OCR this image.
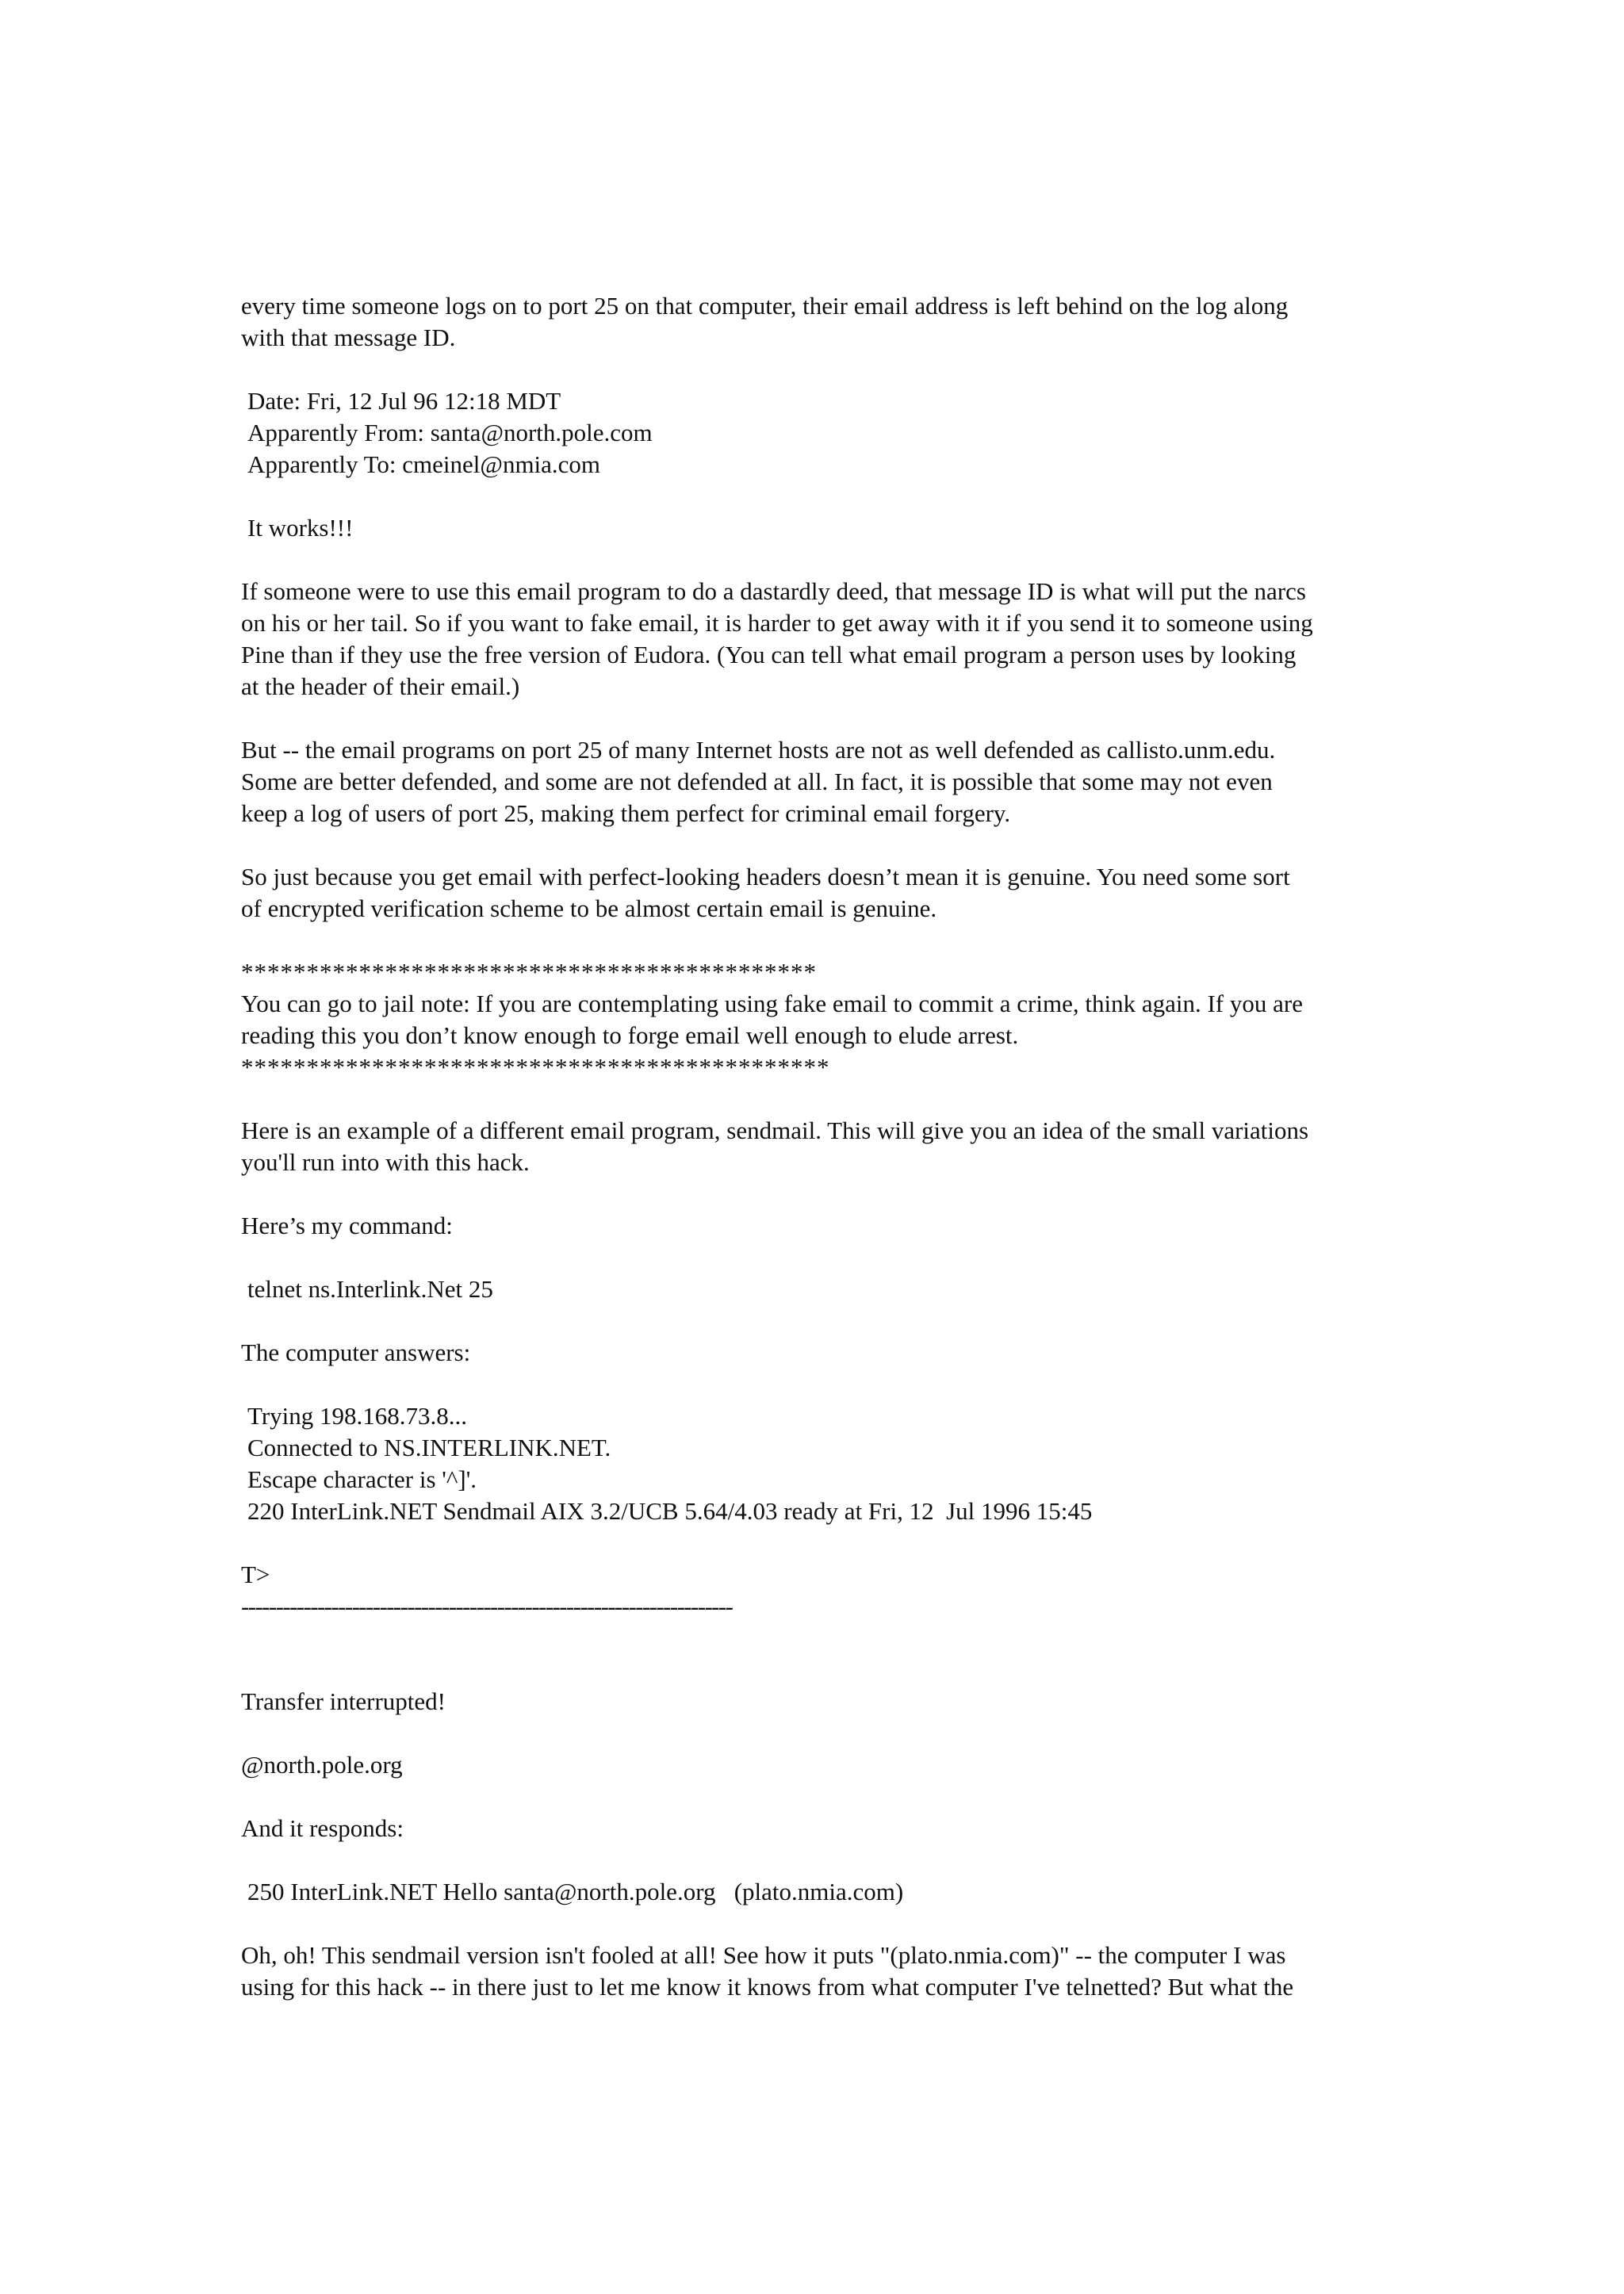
every time someone logs on to port 25 on that computer, their email address is left behind on the log along
with that message ID.
Date: Fri, 12 Jul 96 12:18 MDT
Apparently From: santa@north.pole.com
Apparently To: cmeinel@nmia.com
It works!!!
If someone were to use this email program to do a dastardly deed, that message ID is what will put the narcs
on his or her tail. So if you want to fake email, it is harder to get away with it if you send it to someone using
Pine than if they use the free version of Eudora. (You can tell what email program a person uses by looking
at the header of their email.)
But -- the email programs on port 25 of many Internet hosts are not as well defended as callisto.unm.edu.
Some are better defended, and some are not defended at all. In fact, it is possible that some may not even
keep a log of users of port 25, making them perfect for criminal email forgery.
So just because you get email with perfect-looking headers doesn’t mean it is genuine. You need some sort
of encrypted verification scheme to be almost certain email is genuine.
********************************************
You can go to jail note: If you are contemplating using fake email to commit a crime, think again. If you are
reading this you don’t know enough to forge email well enough to elude arrest.
*********************************************
Here is an example of a different email program, sendmail. This will give you an idea of the small variations
you'll run into with this hack.
Here’s my command:
telnet ns.Interlink.Net 25
The computer answers:
Trying 198.168.73.8...
Connected to NS.INTERLINK.NET.
Escape character is '^]'.
220 InterLink.NET Sendmail AIX 3.2/UCB 5.64/4.03 ready at Fri, 12  Jul 1996 15:45
T>
-----------------------------------------------------------------------
Transfer interrupted!
@north.pole.org
And it responds:
250 InterLink.NET Hello santa@north.pole.org   (plato.nmia.com)
Oh, oh! This sendmail version isn't fooled at all! See how it puts "(plato.nmia.com)" -- the computer I was
using for this hack -- in there just to let me know it knows from what computer I've telnetted? But what the
